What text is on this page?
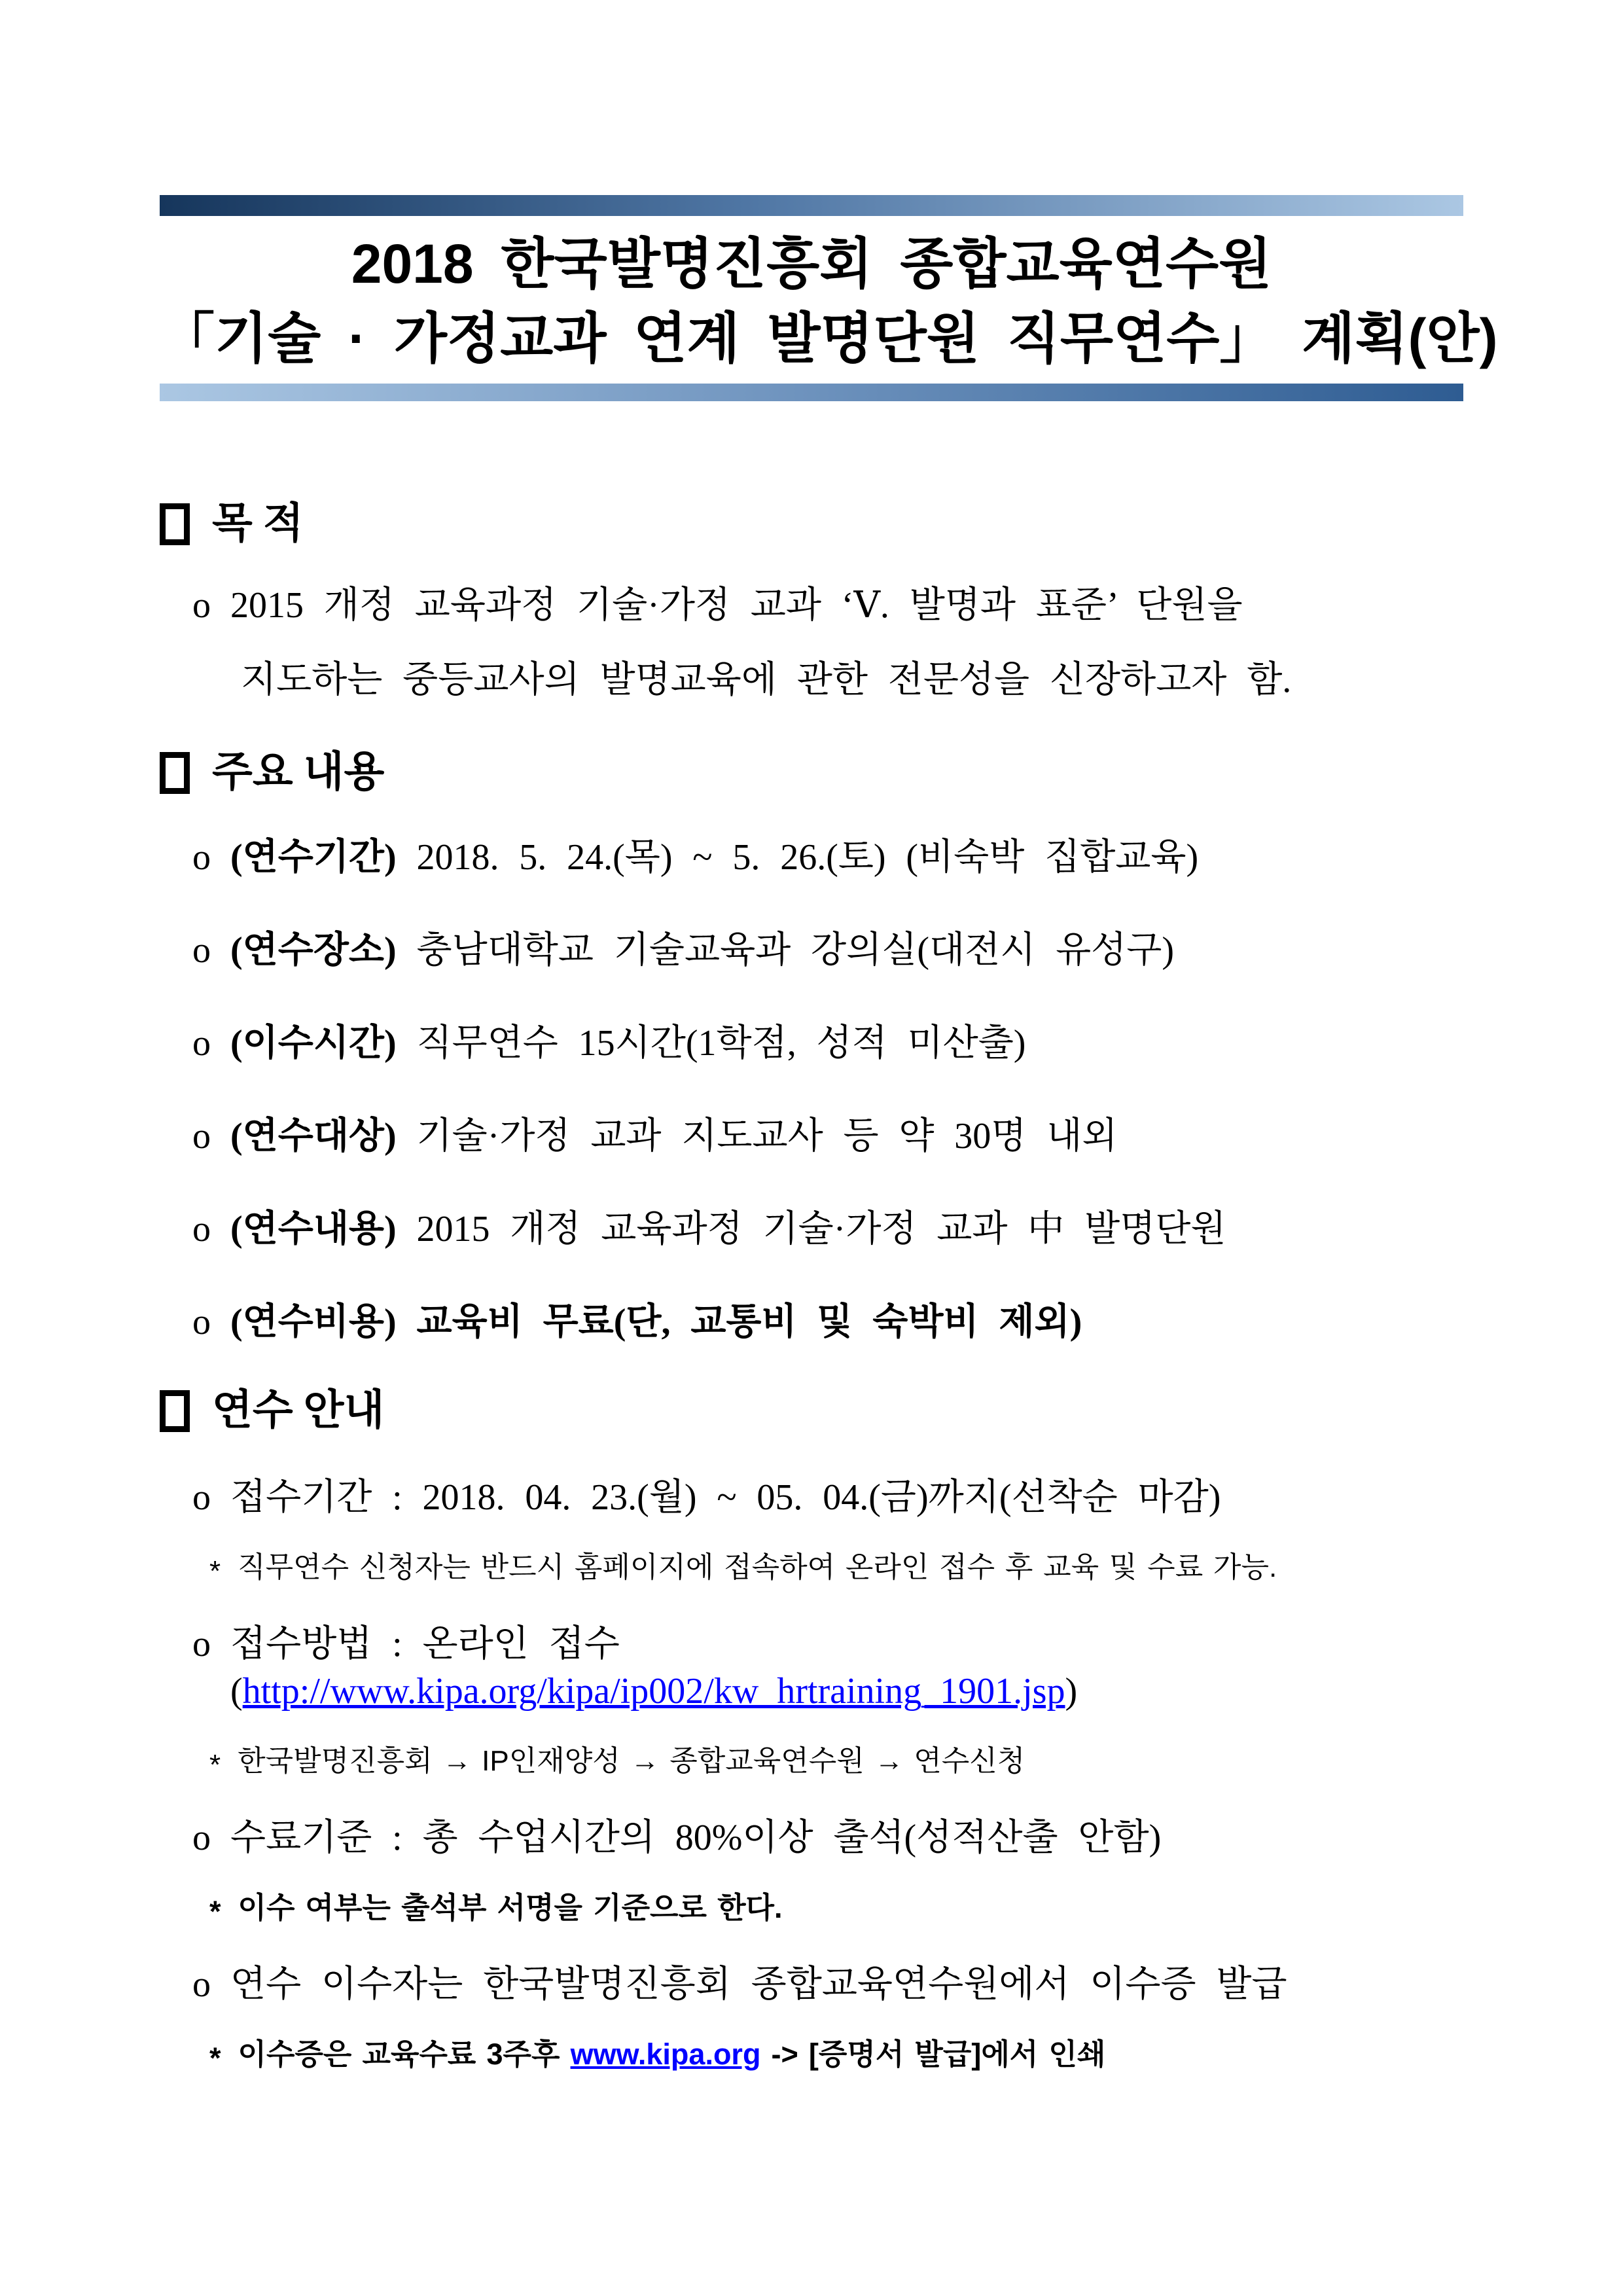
2018 한국발명진흥회 종합교육연수원
「기술 · 가정교과 연계 발명단원 직무연수」 계획(안)
목 적
o 2015 개정 교육과정 기술·가정 교과 ‘Ⅴ. 발명과 표준’ 단원을
지도하는 중등교사의 발명교육에 관한 전문성을 신장하고자 함.
주요 내용
o (연수기간) 2018. 5. 24.(목) ~ 5. 26.(토) (비숙박 집합교육)
o (연수장소) 충남대학교 기술교육과 강의실(대전시 유성구)
o (이수시간) 직무연수 15시간(1학점, 성적 미산출)
o (연수대상) 기술·가정 교과 지도교사 등 약 30명 내외
o (연수내용) 2015 개정 교육과정 기술·가정 교과 中 발명단원
o (연수비용) 교육비 무료(단, 교통비 및 숙박비 제외)
연수 안내
o 접수기간 : 2018. 04. 23.(월) ~ 05. 04.(금)까지(선착순 마감)
* 직무연수 신청자는 반드시 홈페이지에 접속하여 온라인 접수 후 교육 및 수료 가능.
o 접수방법 : 온라인 접수(http://www.kipa.org/kipa/ip002/kw_hrtraining_1901.jsp)
* 한국발명진흥회 → IP인재양성 → 종합교육연수원 → 연수신청
o 수료기준 : 총 수업시간의 80%이상 출석(성적산출 안함)
* 이수 여부는 출석부 서명을 기준으로 한다.
o 연수 이수자는 한국발명진흥회 종합교육연수원에서 이수증 발급
* 이수증은 교육수료 3주후 www.kipa.org -> [증명서 발급]에서 인쇄
